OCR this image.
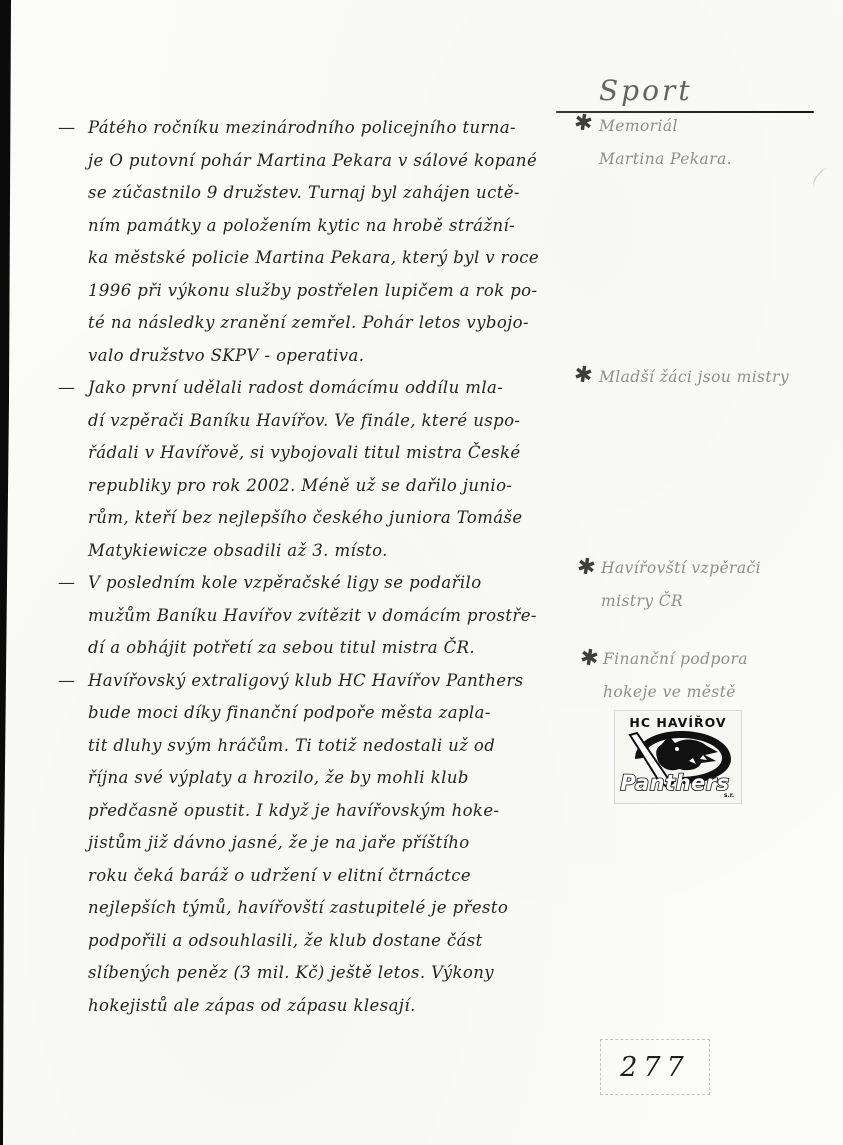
Sport
— Pátého ročníku mezinárodního policejního turna-
je O putovní pohár Martina Pekara v sálové kopané
se zúčastnilo 9 družstev. Turnaj byl zahájen uctě-
ním památky a položením kytic na hrobě strážní-
ka městské policie Martina Pekara, který byl v roce
1996 při výkonu služby postřelen lupičem a rok po-
té na následky zranění zemřel. Pohár letos vybojo-
valo družstvo SKPV - operativa.
— Jako první udělali radost domácímu oddílu mla-
dí vzpěrači Baníku Havířov. Ve finále, které uspo-
řádali v Havířově, si vybojovali titul mistra České
republiky pro rok 2002. Méně už se dařilo junio-
rům, kteří bez nejlepšího českého juniora Tomáše
Matykiewicze obsadili až 3. místo.
— V posledním kole vzpěračské ligy se podařilo
mužům Baníku Havířov zvítězit v domácím prostře-
dí a obhájit potřetí za sebou titul mistra ČR.
— Havířovský extraligový klub HC Havířov Panthers
bude moci díky finanční podpoře města zapla-
tit dluhy svým hráčům. Ti totiž nedostali už od
října své výplaty a hrozilo, že by mohli klub
předčasně opustit. I když je havířovským hoke-
jistům již dávno jasné, že je na jaře příštího
roku čeká baráž o udržení v elitní čtrnáctce
nejlepších týmů, havířovští zastupitelé je přesto
podpořili a odsouhlasili, že klub dostane část
slíbených peněz (3 mil. Kč) ještě letos. Výkony
hokejistů ale zápas od zápasu klesají.
✱ Memoriál
Martina Pekara.
✱ Mladší žáci jsou mistry
✱ Havířovští vzpěrači
mistry ČR
✱ Finanční podpora
hokeje ve městě
HC HAVÍŘOV
Panthers
s.r.
277
